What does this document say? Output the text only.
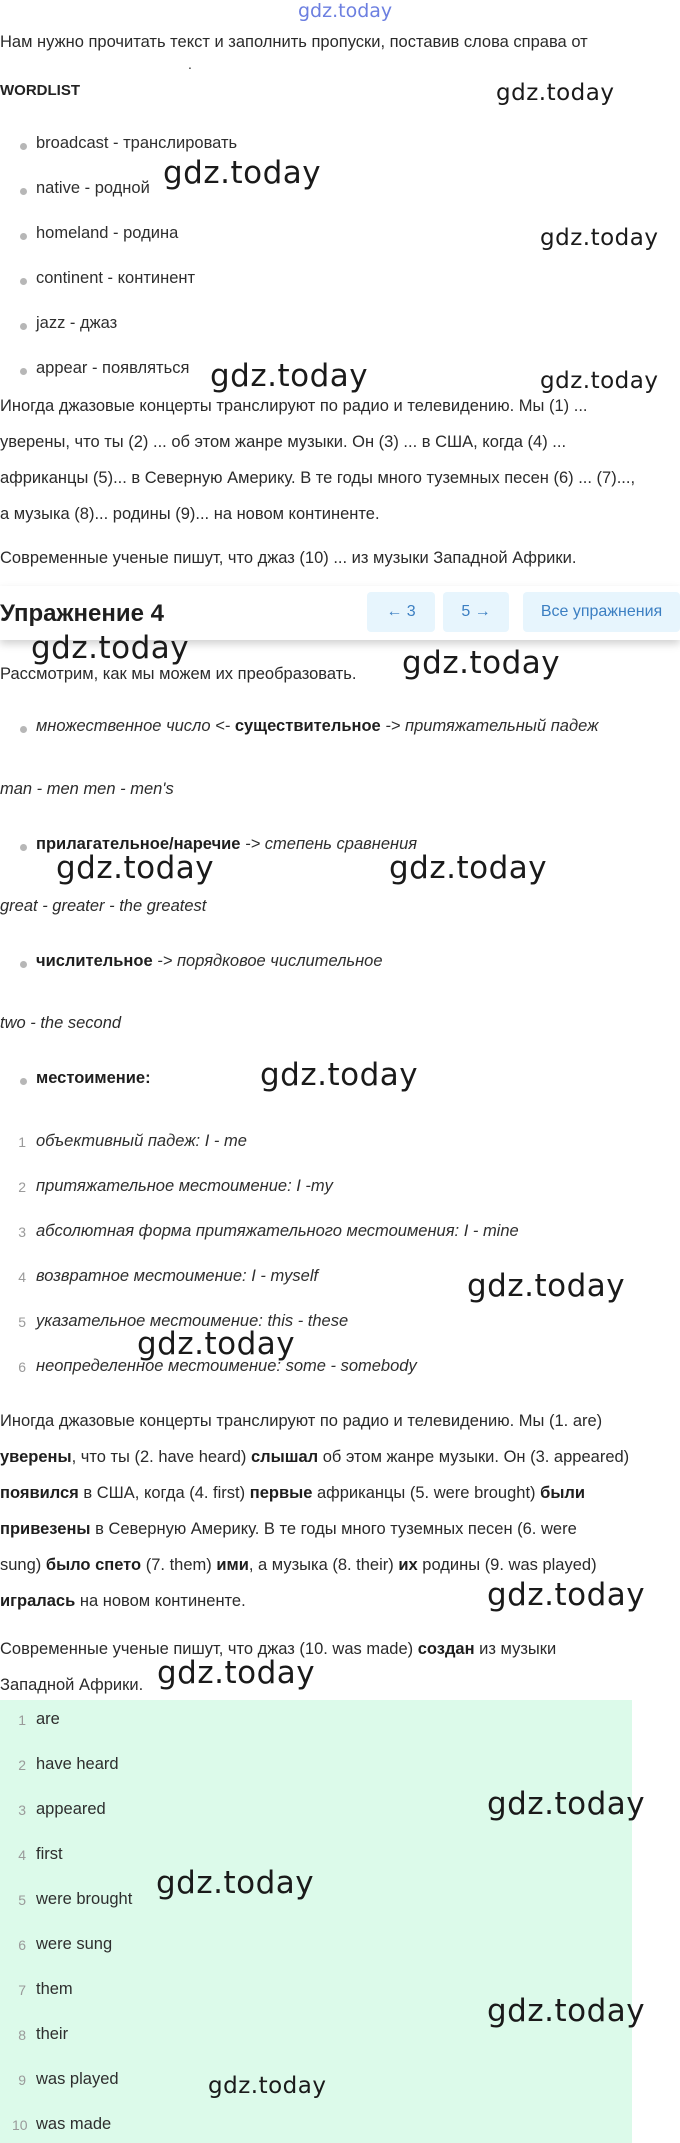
gdz.today
Нам нужно прочитать текст и заполнить пропуски, поставив слова справа от
.
WORDLIST
broadcast - транслировать
native - родной
homeland - родина
continent - континент
jazz - джаз
appear - появляться
Иногда джазовые концерты транслируют по радио и телевидению. Мы (1) ...
уверены, что ты (2) ... об этом жанре музыки. Он (3) ... в США, когда (4) ...
африканцы (5)... в Северную Америку. В те годы много туземных песен (6) ... (7)...,
а музыка (8)... родины (9)... на новом континенте.
Современные ученые пишут, что джаз (10) ... из музыки Западной Африки.
Упражнение 4	← 3	5 →	Все упражнения
Рассмотрим, как мы можем их преобразовать.
множественное число <- существительное -> притяжательный падеж
man - men men - men's
прилагательное/наречие -> степень сравнения
great - greater - the greatest
числительное -> порядковое числительное
two - the second
местоимение:
1 объективный падеж: I - me
2 притяжательное местоимение: I -my
3 абсолютная форма притяжательного местоимения: I - mine
4 возвратное местоимение: I - myself
5 указательное местоимение: this - these
6 неопределенное местоимение: some - somebody
Иногда джазовые концерты транслируют по радио и телевидению. Мы (1. are)
уверены, что ты (2. have heard) слышал об этом жанре музыки. Он (3. appeared)
появился в США, когда (4. first) первые африканцы (5. were brought) были
привезены в Северную Америку. В те годы много туземных песен (6. were
sung) было спето (7. them) ими, а музыка (8. their) их родины (9. was played)
игралась на новом континенте.
Современные ученые пишут, что джаз (10. was made) создан из музыки
Западной Африки.
1 are
2 have heard
3 appeared
4 first
5 were brought
6 were sung
7 them
8 their
9 was played
10 was made
gdz.today
gdz.today
gdz.today
gdz.today	gdz.today
gdz.today	gdz.today
gdz.today	gdz.today
gdz.today
gdz.today
gdz.today
gdz.today
gdz.today
gdz.today
gdz.today
gdz.today
gdz.today
